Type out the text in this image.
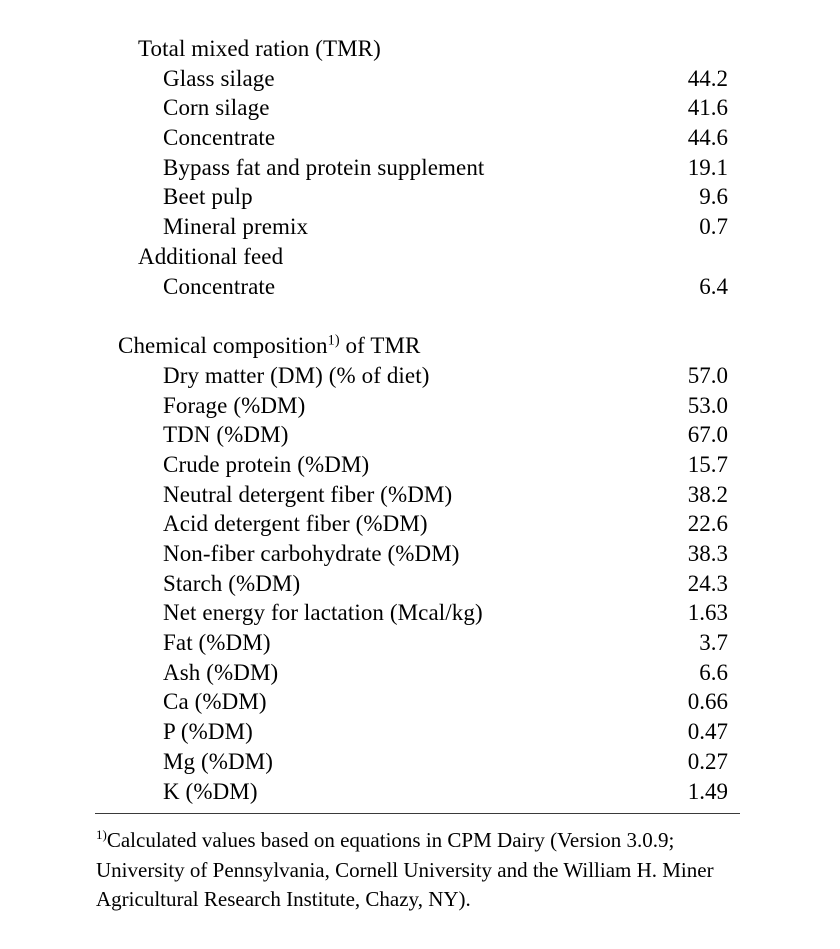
Total mixed ration (TMR)
Glass silage	44.2
Corn silage	41.6
Concentrate	44.6
Bypass fat and protein supplement	19.1
Beet pulp	9.6
Mineral premix	0.7
Additional feed
Concentrate	6.4
Chemical composition$^{1)}$ of TMR
Dry matter (DM) (% of diet)	57.0
Forage (%DM)	53.0
TDN (%DM)	67.0
Crude protein (%DM)	15.7
Neutral detergent fiber (%DM)	38.2
Acid detergent fiber (%DM)	22.6
Non-fiber carbohydrate (%DM)	38.3
Starch (%DM)	24.3
Net energy for lactation (Mcal/kg)	1.63
Fat (%DM)	3.7
Ash (%DM)	6.6
Ca (%DM)	0.66
P (%DM)	0.47
Mg (%DM)	0.27
K (%DM)	1.49
$^{1)}$Calculated values based on equations in CPM Dairy (Version 3.0.9;
University of Pennsylvania, Cornell University and the William H. Miner
Agricultural Research Institute, Chazy, NY).
